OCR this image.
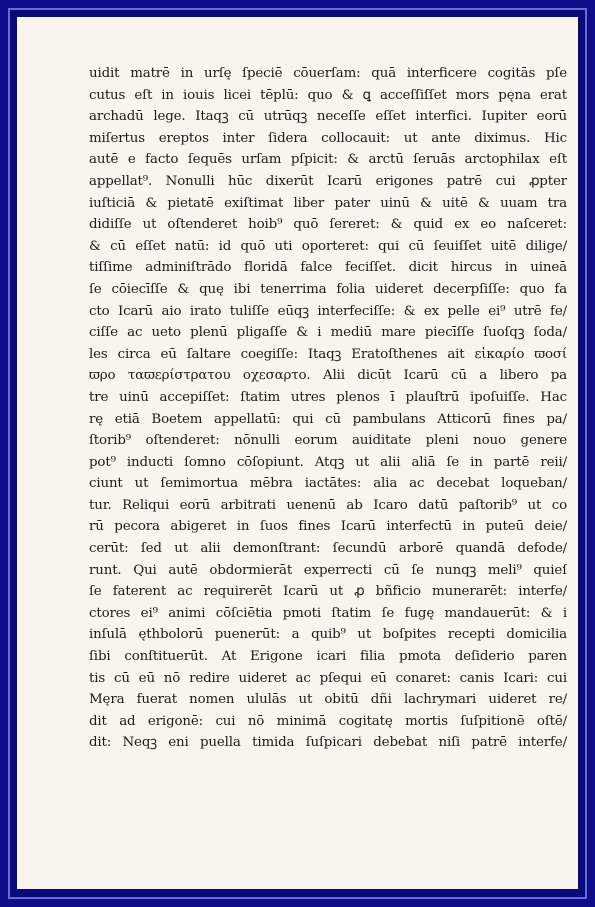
uidit matrē in urſę ſpeciē cōuerſam: quā interficere cogitās pſe
cutus eſt in iouis licei tēplū: quo & ꝗ acceſſiſſet mors pęna erat
archadū lege. Itaqꝫ cū utrūqꝫ neceſſe eſſet interfici. Iupiter eorū
miſertus ereptos inter ſidera collocauit: ut ante diximus. Hic
autē e facto ſequēs urſam pſpicit: & arctū ſeruās arctophilax eſt
appellat⁹. Nonulli hūc dixerūt Icarū erigones patrē cui ꝓpter
iuſticiā & pietatē exiſtimat liber pater uinū & uitē & uuam tra
didiſſe ut oſtenderet hoib⁹ quō ſereret: & quid ex eo naſceret:
& cū eſſet natū: id quō uti oporteret: qui cū ſeuiſſet uitē dilige/
tiſſime adminiſtrādo floridā falce feciſſet. dicit hircus in uineā
ſe cōiecīſſe & quę ibi tenerrima folia uideret decerpſiſſe: quo fa
cto Icarū aio irato tuliſſe eūqꝫ interfeciſſe: & ex pelle ei⁹ utrē fe/
ciſſe ac ueto plenū pligaſſe & i mediū mare piecīſſe ſuoſqꝫ ſoda/
les circa eū ſaltare coegiſſe: Itaqꝫ Eratoſthenes ait εἰκαρίο ϖοσί
ϖρο ταϖερίστρατου οχεσαρτο. Alii dicūt Icarū cū a libero pa
tre uinū accepiſſet: ſtatim utres plenos ī plauſtrū ipoſuiſſe. Hac
rę etiā Boetem appellatū: qui cū pambulans Atticorū fines pa/
ſtorib⁹ oſtenderet: nōnulli eorum auiditate pleni nouo genere
pot⁹ inducti ſomno cōſopiunt. Atqꝫ ut alii aliā ſe in partē reii/
ciunt ut ſemimortua mēbra iactātes: alia ac decebat loqueban/
tur. Reliqui eorū arbitrati uenenū ab Icaro datū paſtorib⁹ ut co
rū pecora abigeret in ſuos fines Icarū interfectū in puteū deie/
cerūt: ſed ut alii demonſtrant: ſecundū arborē quandā defode/
runt. Qui autē obdormierāt experrecti cū ſe nunqꝫ meli⁹ quieſ
ſe faterent ac requirerēt Icarū ut ꝓ bñficio munerarēt: interfe/
ctores ei⁹ animi cōſciētia pmoti ſtatim ſe fugę mandauerūt: & i
inſulā ęthbolorū puenerūt: a quib⁹ ut boſpites recepti domicilia
ſibi conſtituerūt. At Erigone icari filia pmota deſiderio paren
tis cū eū nō redire uideret ac pſequi eū conaret: canis Icari: cui
Męra fuerat nomen ululās ut obitū dñi lachrymari uideret re/
dit ad erigonē: cui nō minimā cogitatę mortis ſuſpitionē oſtē/
dit: Neqꝫ eni puella timida ſuſpicari debebat niſi patrē interfe/
